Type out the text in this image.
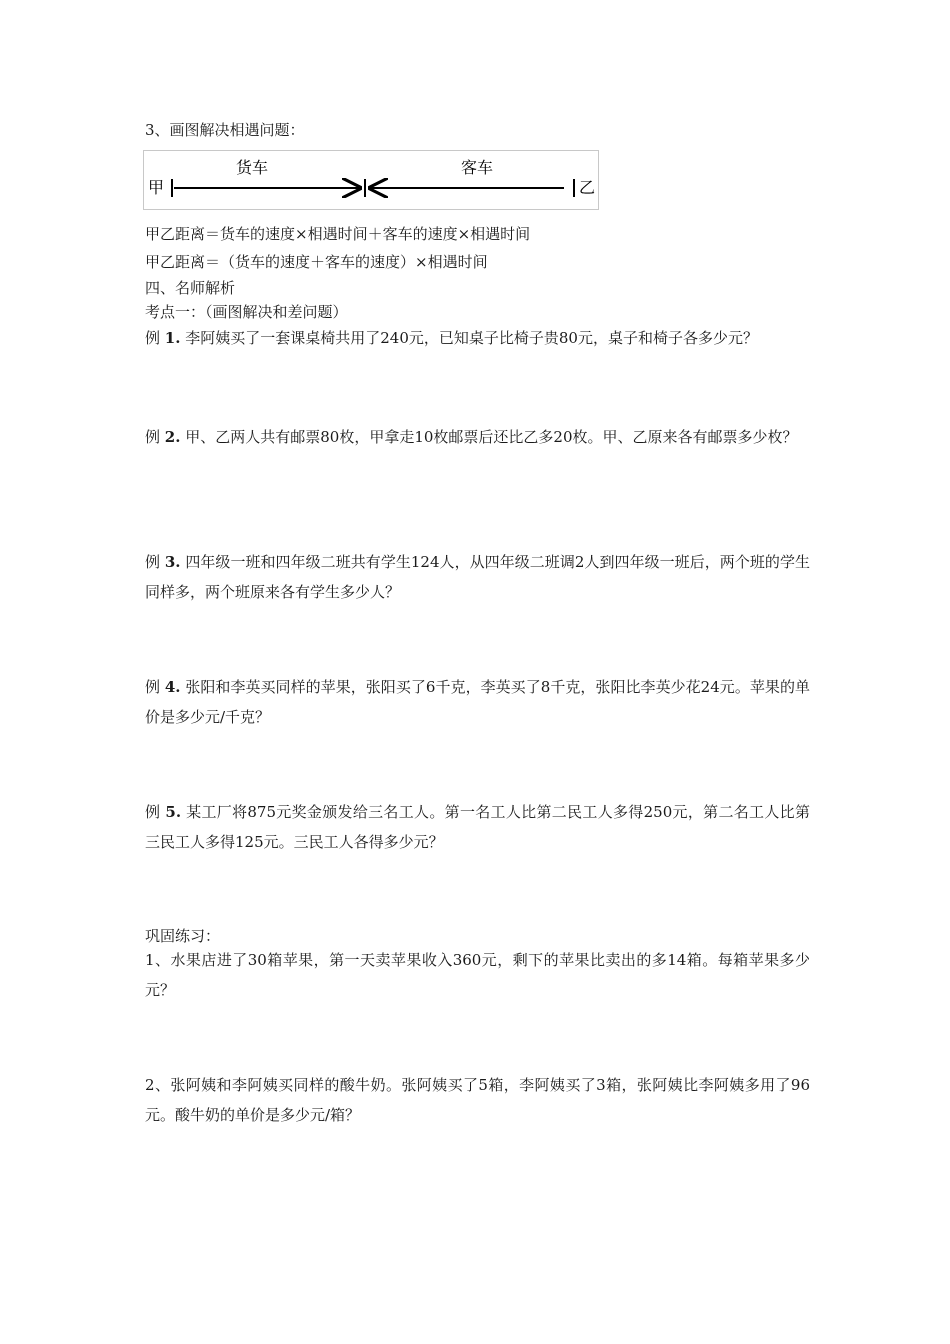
3、画图解决相遇问题：
甲	乙
货车	客车
甲乙距离＝货车的速度×相遇时间＋客车的速度×相遇时间
甲乙距离＝（货车的速度＋客车的速度）×相遇时间
四、名师解析
考点一：（画图解决和差问题）
例 1. 李阿姨买了一套课桌椅共用了240元，已知桌子比椅子贵80元，桌子和椅子各多少元？
例 2. 甲、乙两人共有邮票80枚，甲拿走10枚邮票后还比乙多20枚。甲、乙原来各有邮票多少枚？
例 3. 四年级一班和四年级二班共有学生124人，从四年级二班调2人到四年级一班后，两个班的学生同样多，两个班原来各有学生多少人？
例 4. 张阳和李英买同样的苹果，张阳买了6千克，李英买了8千克，张阳比李英少花24元。苹果的单价是多少元/千克？
例 5. 某工厂将875元奖金颁发给三名工人。第一名工人比第二民工人多得250元，第二名工人比第三民工人多得125元。三民工人各得多少元？
巩固练习：
1、水果店进了30箱苹果，第一天卖苹果收入360元，剩下的苹果比卖出的多14箱。每箱苹果多少元？
2、张阿姨和李阿姨买同样的酸牛奶。张阿姨买了5箱，李阿姨买了3箱，张阿姨比李阿姨多用了96元。酸牛奶的单价是多少元/箱？
